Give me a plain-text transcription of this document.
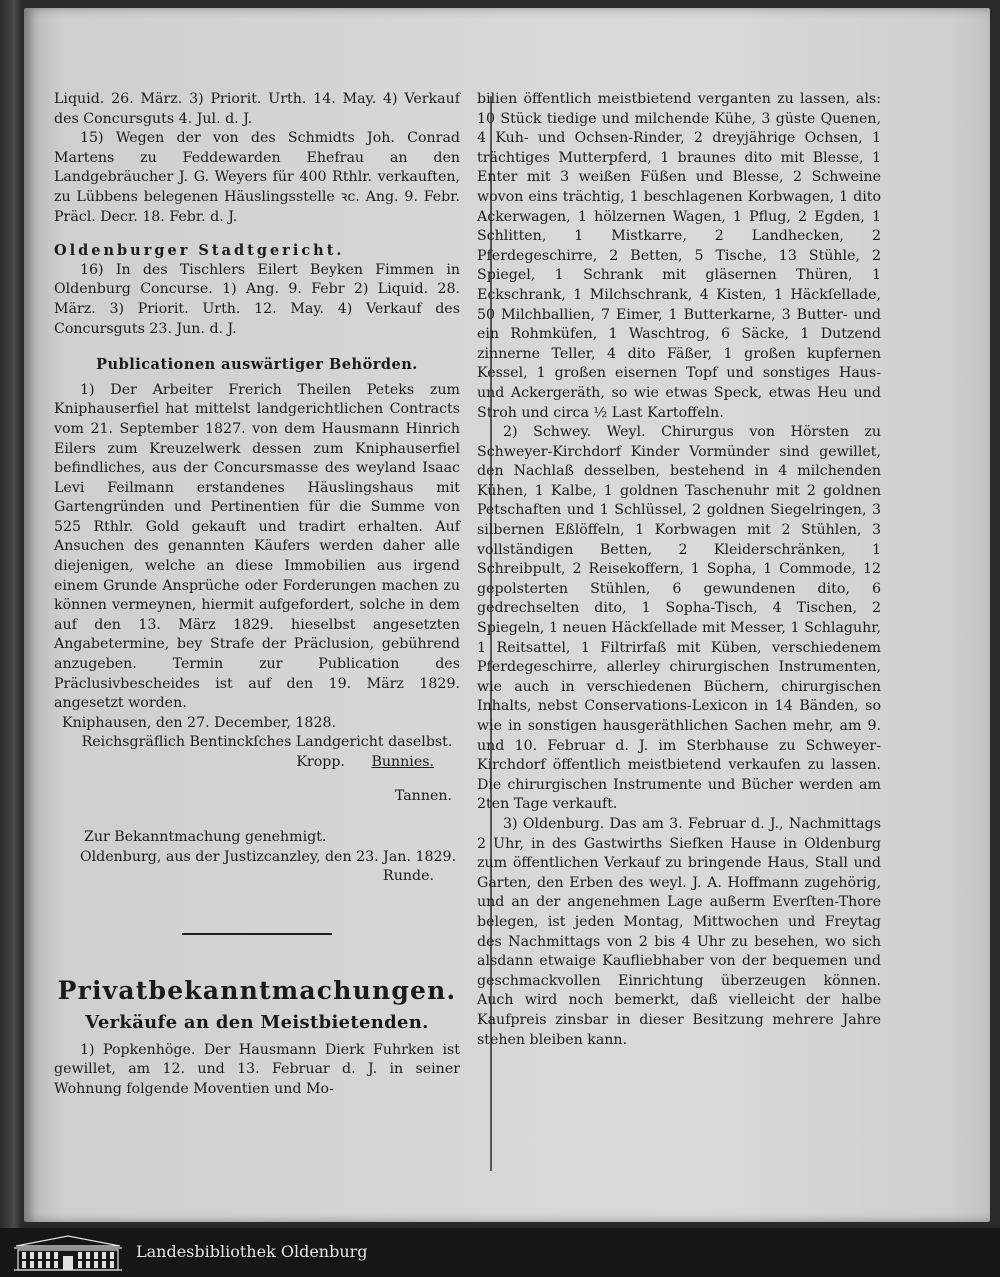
Liquid. 26. März. 3) Priorit. Urth. 14. May. 4) Verkauf des Concursguts 4. Jul. d. J.

15) Wegen der von des Schmidts Joh. Conrad Martens zu Feddewarden Ehefrau an den Landgebräucher J. G. Weyers für 400 Rthlr. verkauften, zu Lübbens belegenen Häuslingsstelle ꝛc. Ang. 9. Febr. Präcl. Decr. 18. Febr. d. J.

Oldenburger Stadtgericht.

16) In des Tischlers Eilert Beyken Fimmen in Oldenburg Concurse. 1) Ang. 9. Febr 2) Liquid. 28. März. 3) Priorit. Urth. 12. May. 4) Verkauf des Concursguts 23. Jun. d. J.

Publicationen auswärtiger Behörden.

1) Der Arbeiter Frerich Theilen Peteks zum Kniphauserfiel hat mittelst landgerichtlichen Contracts vom 21. September 1827. von dem Hausmann Hinrich Eilers zum Kreuzelwerk dessen zum Kniphauserfiel befindliches, aus der Concursmasse des weyland Isaac Levi Feilmann erstandenes Häuslingshaus mit Gartengründen und Pertinentien für die Summe von 525 Rthlr. Gold gekauft und tradirt erhalten. Auf Ansuchen des genannten Käufers werden daher alle diejenigen, welche an diese Immobilien aus irgend einem Grunde Ansprüche oder Forderungen machen zu können vermeynen, hiermit aufgefordert, solche in dem auf den 13. März 1829. hieselbst angesetzten Angabetermine, bey Strafe der Präclusion, gebührend anzugeben. Termin zur Publication des Präclusivbescheides ist auf den 19. März 1829. angesetzt worden.

Kniphausen, den 27. December, 1828.

Reichsgräflich Bentinckſches Landgericht daselbst.

Kropp. Bunnies.

Tannen.

Zur Bekanntmachung genehmigt.

Oldenburg, aus der Justizcanzley, den 23. Jan. 1829.

Runde.

Privatbekanntmachungen.

Verkäufe an den Meistbietenden.

1) Popkenhöge. Der Hausmann Dierk Fuhrken ist gewillet, am 12. und 13. Februar d. J. in seiner Wohnung folgende Moventien und Mo-

bilien öffentlich meistbietend verganten zu lassen, als: 10 Stück tiedige und milchende Kühe, 3 güste Quenen, 4 Kuh- und Ochsen-Rinder, 2 dreyjährige Ochsen, 1 trächtiges Mutterpferd, 1 braunes dito mit Blesse, 1 Enter mit 3 weißen Füßen und Blesse, 2 Schweine wovon eins trächtig, 1 beschlagenen Korbwagen, 1 dito Ackerwagen, 1 hölzernen Wagen, 1 Pflug, 2 Egden, 1 Schlitten, 1 Mistkarre, 2 Landhecken, 2 Pferdegeschirre, 2 Betten, 5 Tische, 13 Stühle, 2 Spiegel, 1 Schrank mit gläsernen Thüren, 1 Eckschrank, 1 Milchschrank, 4 Kisten, 1 Häckſellade, 50 Milchballien, 7 Eimer, 1 Butterkarne, 3 Butter- und ein Rohmküfen, 1 Waschtrog, 6 Säcke, 1 Dutzend zinnerne Teller, 4 dito Fäßer, 1 großen kupfernen Kessel, 1 großen eisernen Topf und sonstiges Haus- und Ackergeräth, so wie etwas Speck, etwas Heu und Stroh und circa ½ Last Kartoffeln.

2) Schwey. Weyl. Chirurgus von Hörsten zu Schweyer-Kirchdorf Kinder Vormünder sind gewillet, den Nachlaß desselben, bestehend in 4 milchenden Kühen, 1 Kalbe, 1 goldnen Taschenuhr mit 2 goldnen Petschaften und 1 Schlüssel, 2 goldnen Siegelringen, 3 silbernen Eßlöffeln, 1 Korbwagen mit 2 Stühlen, 3 vollständigen Betten, 2 Kleiderschränken, 1 Schreibpult, 2 Reisekoffern, 1 Sopha, 1 Commode, 12 gepolsterten Stühlen, 6 gewundenen dito, 6 gedrechselten dito, 1 Sopha-Tisch, 4 Tischen, 2 Spiegeln, 1 neuen Häckſellade mit Messer, 1 Schlaguhr, 1 Reitsattel, 1 Filtrirfaß mit Küben, verschiedenem Pferdegeschirre, allerley chirurgischen Instrumenten, wie auch in verschiedenen Büchern, chirurgischen Inhalts, nebst Conservations-Lexicon in 14 Bänden, so wie in sonstigen hausgeräthlichen Sachen mehr, am 9. und 10. Februar d. J. im Sterbhause zu Schweyer-Kirchdorf öffentlich meistbietend verkaufen zu lassen. Die chirurgischen Instrumente und Bücher werden am 2ten Tage verkauft.

3) Oldenburg. Das am 3. Februar d. J., Nachmittags 2 Uhr, in des Gastwirths Siefken Hause in Oldenburg zum öffentlichen Verkauf zu bringende Haus, Stall und Garten, den Erben des weyl. J. A. Hoffmann zugehörig, und an der angenehmen Lage außerm Everſten-Thore belegen, ist jeden Montag, Mittwochen und Freytag des Nachmittags von 2 bis 4 Uhr zu besehen, wo sich alsdann etwaige Kaufliebhaber von der bequemen und geschmackvollen Einrichtung überzeugen können. Auch wird noch bemerkt, daß vielleicht der halbe Kaufpreis zinsbar in dieser Besitzung mehrere Jahre stehen bleiben kann.

Landesbibliothek Oldenburg
